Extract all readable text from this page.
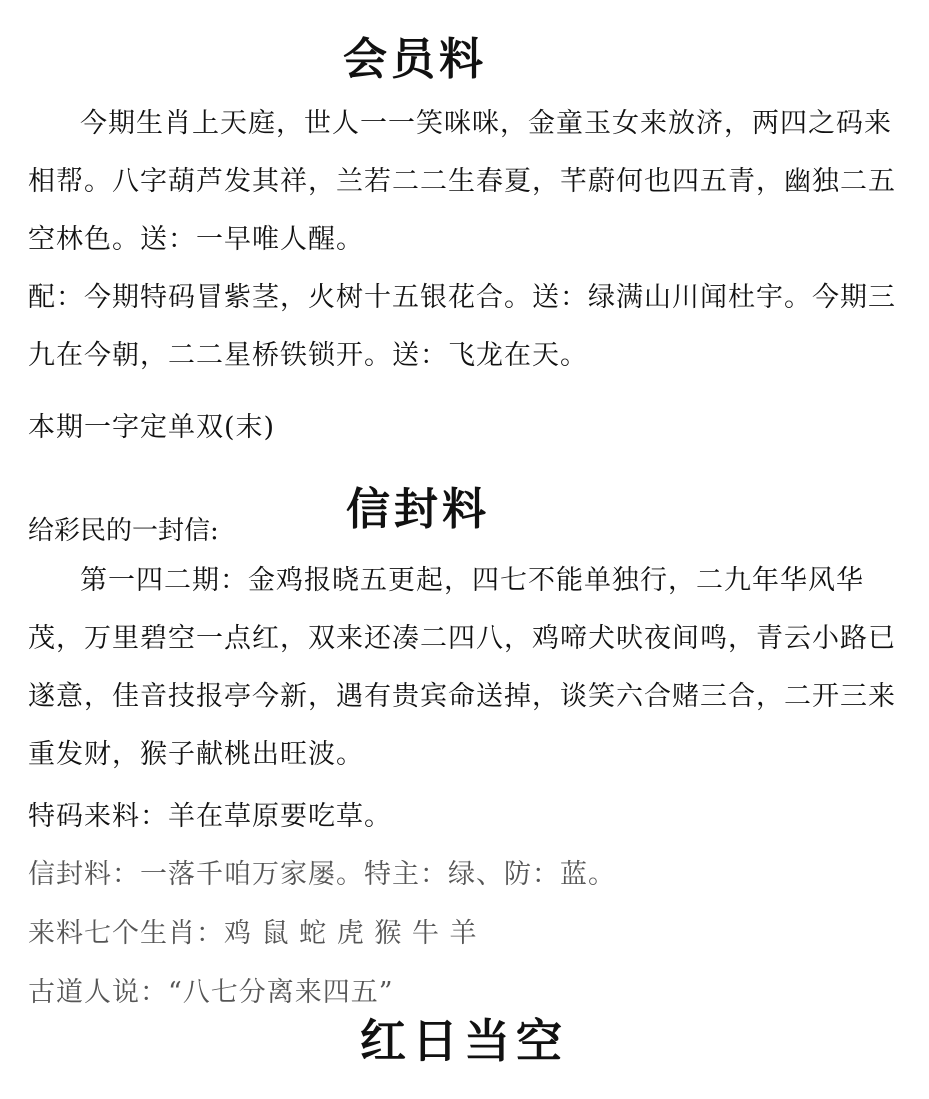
会员料
今期生肖上天庭，世人一一笑咪咪，金童玉女来放济，两四之码来相帮。八字葫芦发其祥，兰若二二生春夏，芊蔚何也四五青，幽独二五空林色。送：一早唯人醒。
配：今期特码冒紫茎，火树十五银花合。送：绿满山川闻杜宇。今期三九在今朝，二二星桥铁锁开。送：飞龙在天。
本期一字定单双(末)
给彩民的一封信:	信封料
第一四二期：金鸡报晓五更起，四七不能单独行，二九年华风华茂，万里碧空一点红，双来还凑二四八，鸡啼犬吠夜间鸣，青云小路已遂意，佳音技报亭今新，遇有贵宾命送掉，谈笑六合赌三合，二开三来重发财，猴子献桃出旺波。
特码来料：羊在草原要吃草。
信封料：一落千咱万家屡。特主：绿、防：蓝。
来料七个生肖：鸡 鼠 蛇 虎 猴 牛 羊
古道人说：“八七分离来四五”
红日当空
